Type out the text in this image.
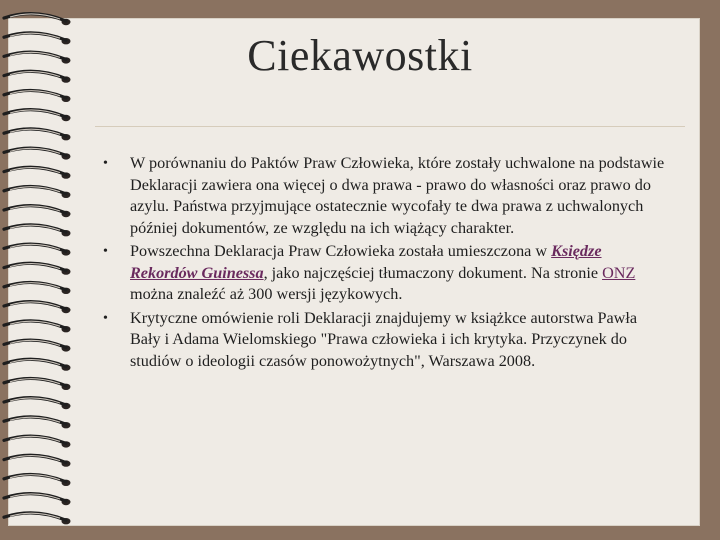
Ciekawostki
• W porównaniu do Paktów Praw Człowieka, które zostały uchwalone na podstawie Deklaracji zawiera ona więcej o dwa prawa - prawo do własności oraz prawo do azylu. Państwa przyjmujące ostatecznie wycofały te dwa prawa z uchwalonych później dokumentów, ze względu na ich wiążący charakter.
• Powszechna Deklaracja Praw Człowieka została umieszczona w Księdze Rekordów Guinessa, jako najczęściej tłumaczony dokument. Na stronie ONZ można znaleźć aż 300 wersji językowych.
• Krytyczne omówienie roli Deklaracji znajdujemy w książkce autorstwa Pawła Bały i Adama Wielomskiego "Prawa człowieka i ich krytyka. Przyczynek do studiów o ideologii czasów ponowożytnych", Warszawa 2008.
